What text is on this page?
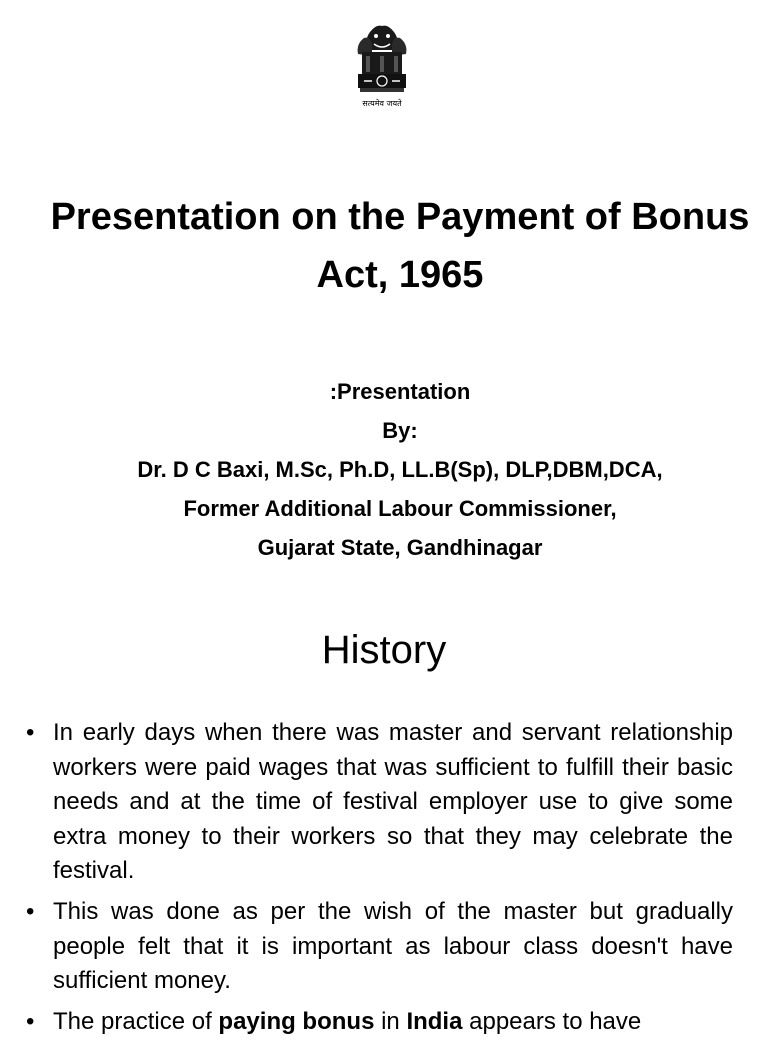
सत्यमेव जयते
Presentation on the Payment of Bonus Act, 1965
:Presentation
By:
Dr. D C Baxi, M.Sc, Ph.D, LL.B(Sp), DLP,DBM,DCA,
Former Additional Labour Commissioner,
Gujarat State, Gandhinagar
History
• In early days when there was master and servant relationship workers were paid wages that was sufficient to fulfill their basic needs and at the time of festival employer use to give some extra money to their workers so that they may celebrate the festival.
• This was done as per the wish of the master but gradually people felt that it is important as labour class doesn't have sufficient money.
• The practice of paying bonus in India appears to have
